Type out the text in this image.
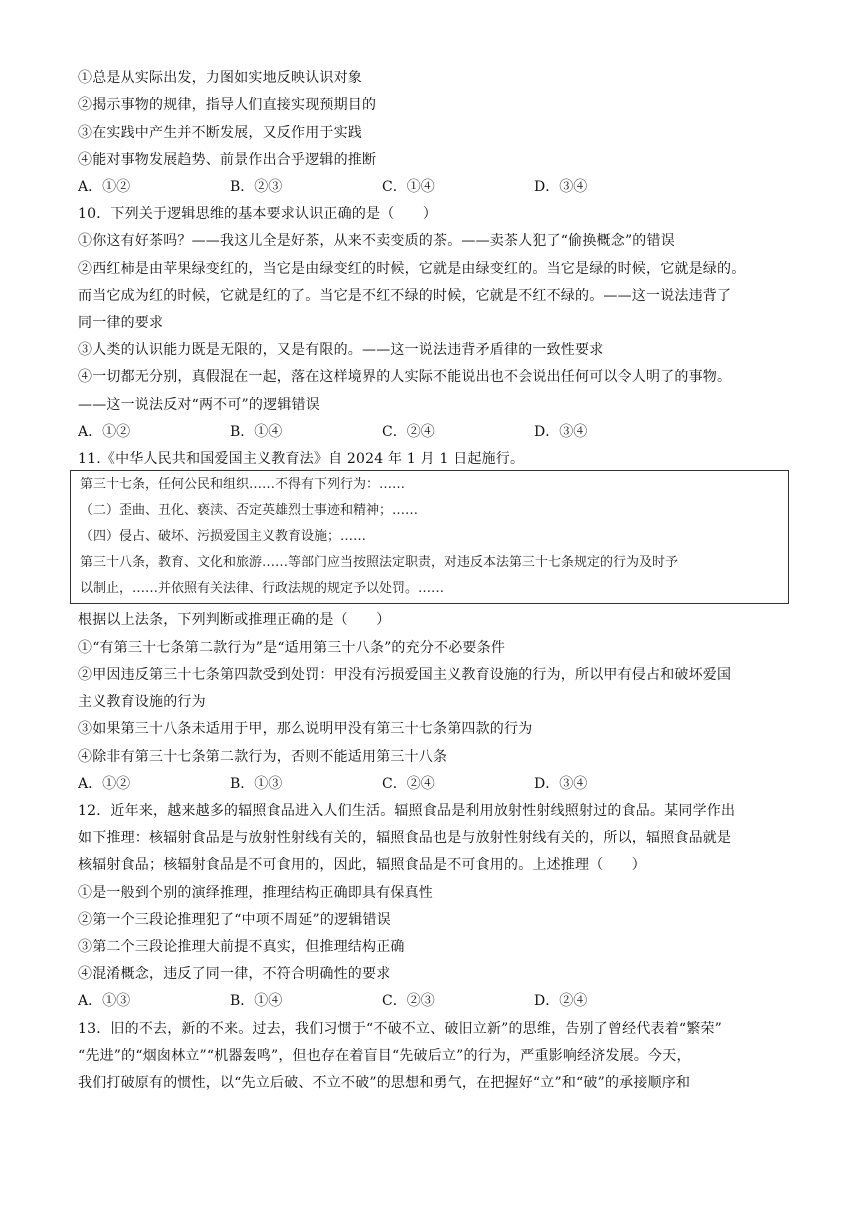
①总是从实际出发，力图如实地反映认识对象
②揭示事物的规律，指导人们直接实现预期目的
③在实践中产生并不断发展，又反作用于实践
④能对事物发展趋势、前景作出合乎逻辑的推断
A．①②	B．②③	C．①④	D．③④
10．下列关于逻辑思维的基本要求认识正确的是（　　）
①你这有好茶吗？——我这儿全是好茶，从来不卖变质的茶。——卖茶人犯了“偷换概念”的错误
②西红柿是由苹果绿变红的，当它是由绿变红的时候，它就是由绿变红的。当它是绿的时候，它就是绿的。
而当它成为红的时候，它就是红的了。当它是不红不绿的时候，它就是不红不绿的。——这一说法违背了
同一律的要求
③人类的认识能力既是无限的，又是有限的。——这一说法违背矛盾律的一致性要求
④一切都无分别，真假混在一起，落在这样境界的人实际不能说出也不会说出任何可以令人明了的事物。
——这一说法反对“两不可”的逻辑错误
A．①②	B．①④	C．②④	D．③④
11.《中华人民共和国爱国主义教育法》自 2024 年 1 月 1 日起施行。
第三十七条，任何公民和组织……不得有下列行为：……
（二）歪曲、丑化、亵渎、否定英雄烈士事迹和精神；……
（四）侵占、破坏、污损爱国主义教育设施；……
第三十八条，教育、文化和旅游……等部门应当按照法定职责，对违反本法第三十七条规定的行为及时予
以制止，……并依照有关法律、行政法规的规定予以处罚。……
根据以上法条，下列判断或推理正确的是（　　）
①“有第三十七条第二款行为”是“适用第三十八条”的充分不必要条件
②甲因违反第三十七条第四款受到处罚：甲没有污损爱国主义教育设施的行为，所以甲有侵占和破坏爱国
主义教育设施的行为
③如果第三十八条未适用于甲，那么说明甲没有第三十七条第四款的行为
④除非有第三十七条第二款行为，否则不能适用第三十八条
A．①②	B．①③	C．②④	D．③④
12．近年来，越来越多的辐照食品进入人们生活。辐照食品是利用放射性射线照射过的食品。某同学作出
如下推理：核辐射食品是与放射性射线有关的，辐照食品也是与放射性射线有关的，所以，辐照食品就是
核辐射食品；核辐射食品是不可食用的，因此，辐照食品是不可食用的。上述推理（　　）
①是一般到个别的演绎推理，推理结构正确即具有保真性
②第一个三段论推理犯了“中项不周延”的逻辑错误
③第二个三段论推理大前提不真实，但推理结构正确
④混淆概念，违反了同一律，不符合明确性的要求
A．①③	B．①④	C．②③	D．②④
13．旧的不去，新的不来。过去，我们习惯于“不破不立、破旧立新”的思维，告别了曾经代表着“繁荣”
“先进”的“烟囱林立”“机器轰鸣”，但也存在着盲目“先破后立”的行为，严重影响经济发展。今天，
我们打破原有的惯性，以“先立后破、不立不破”的思想和勇气，在把握好“立”和“破”的承接顺序和
